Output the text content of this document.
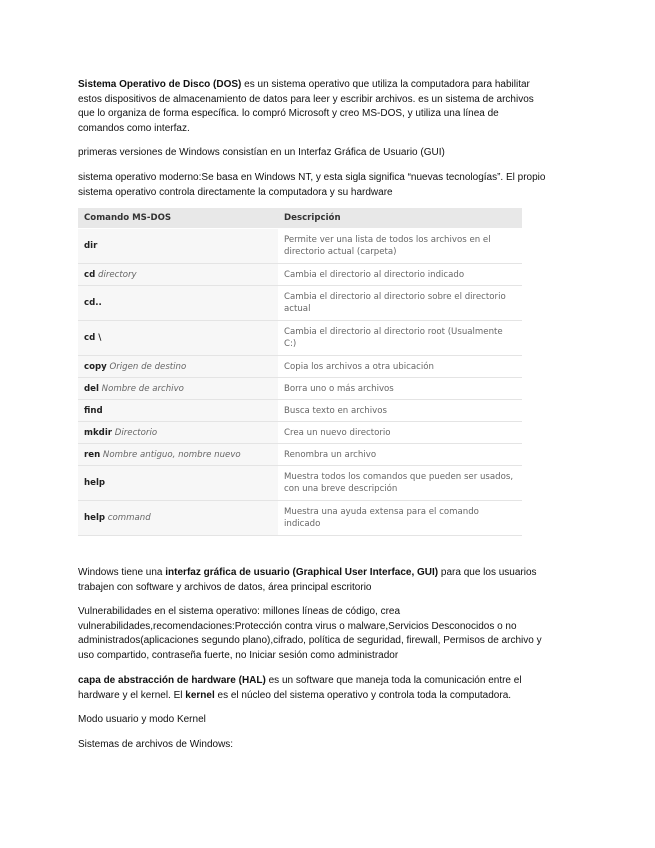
Sistema Operativo de Disco (DOS) es un sistema operativo que utiliza la computadora para habilitar
estos dispositivos de almacenamiento de datos para leer y escribir archivos. es un sistema de archivos
que lo organiza de forma específica. lo compró Microsoft y creo MS-DOS, y utiliza una línea de
comandos como interfaz.

primeras versiones de Windows consistían en un Interfaz Gráfica de Usuario (GUI)

sistema operativo moderno:Se basa en Windows NT, y esta sigla significa “nuevas tecnologías”. El propio
sistema operativo controla directamente la computadora y su hardware

Comando MS-DOS	Descripción
dir	Permite ver una lista de todos los archivos en el directorio actual (carpeta)
cd directory	Cambia el directorio al directorio indicado
cd..	Cambia el directorio al directorio sobre el directorio actual
cd \	Cambia el directorio al directorio root (Usualmente C:)
copy Origen de destino	Copia los archivos a otra ubicación
del Nombre de archivo	Borra uno o más archivos
find	Busca texto en archivos
mkdir Directorio	Crea un nuevo directorio
ren Nombre antiguo, nombre nuevo	Renombra un archivo
help	Muestra todos los comandos que pueden ser usados, con una breve descripción
help command	Muestra una ayuda extensa para el comando indicado

Windows tiene una interfaz gráfica de usuario (Graphical User Interface, GUI) para que los usuarios
trabajen con software y archivos de datos, área principal escritorio

Vulnerabilidades en el sistema operativo: millones líneas de código, crea
vulnerabilidades,recomendaciones:Protección contra virus o malware,Servicios Desconocidos o no
administrados(aplicaciones segundo plano),cifrado, política de seguridad, firewall, Permisos de archivo y
uso compartido, contraseña fuerte, no Iniciar sesión como administrador

capa de abstracción de hardware (HAL) es un software que maneja toda la comunicación entre el
hardware y el kernel. El kernel es el núcleo del sistema operativo y controla toda la computadora.

Modo usuario y modo Kernel

Sistemas de archivos de Windows:
